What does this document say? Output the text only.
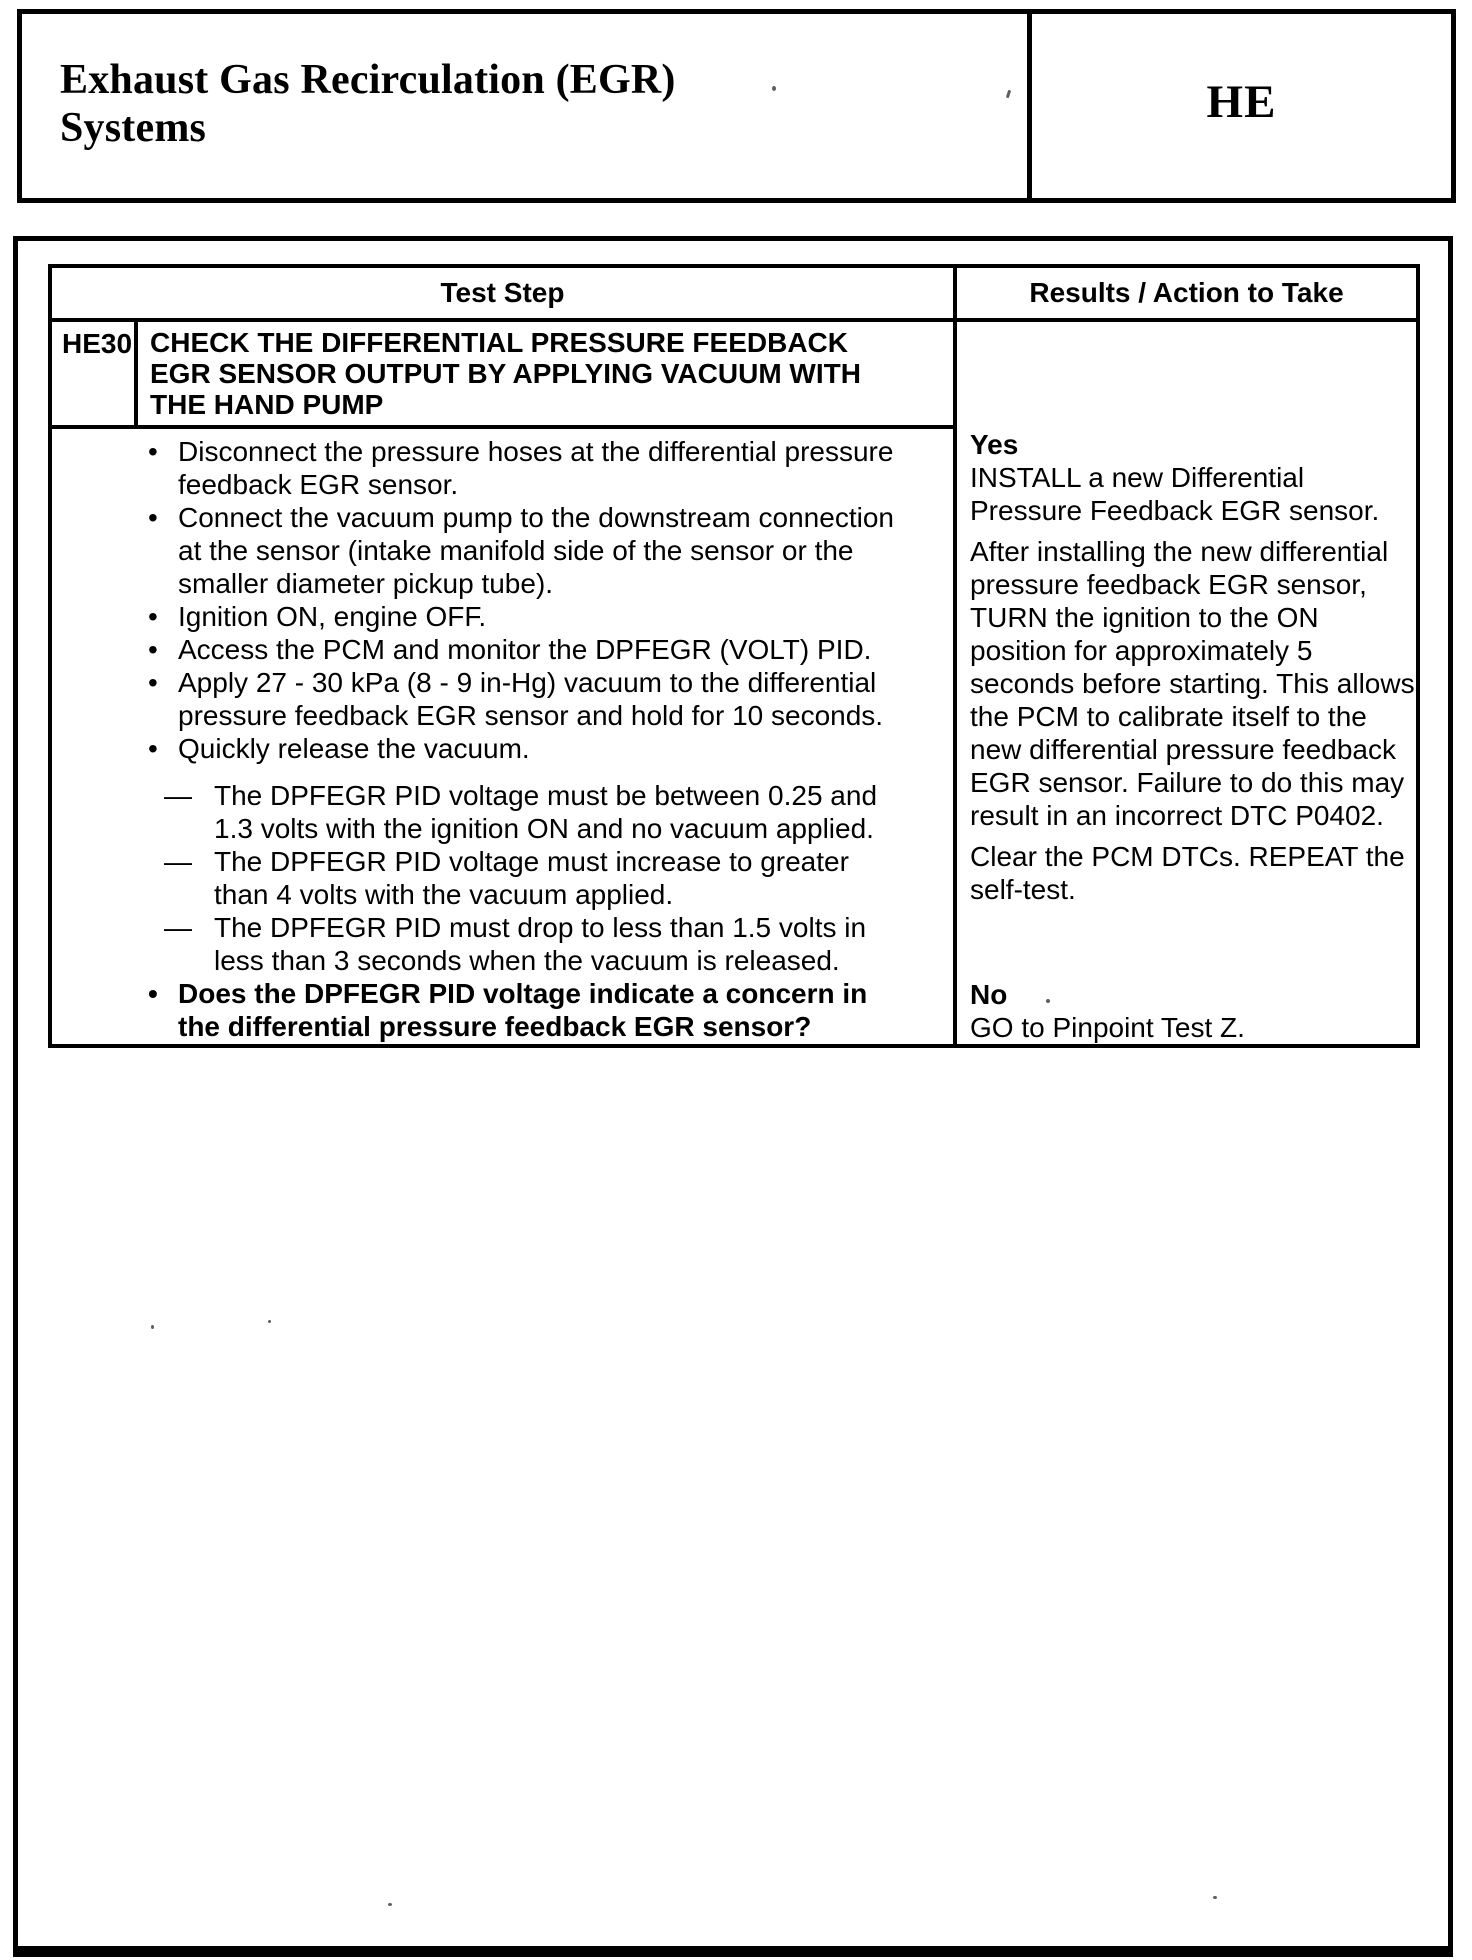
Exhaust Gas Recirculation (EGR) Systems	HE
Test Step	Results / Action to Take
HE30 CHECK THE DIFFERENTIAL PRESSURE FEEDBACK EGR SENSOR OUTPUT BY APPLYING VACUUM WITH THE HAND PUMP
• Disconnect the pressure hoses at the differential pressure feedback EGR sensor.
• Connect the vacuum pump to the downstream connection at the sensor (intake manifold side of the sensor or the smaller diameter pickup tube).
• Ignition ON, engine OFF.
• Access the PCM and monitor the DPFEGR (VOLT) PID.
• Apply 27 - 30 kPa (8 - 9 in-Hg) vacuum to the differential pressure feedback EGR sensor and hold for 10 seconds.
• Quickly release the vacuum.
— The DPFEGR PID voltage must be between 0.25 and 1.3 volts with the ignition ON and no vacuum applied.
— The DPFEGR PID voltage must increase to greater than 4 volts with the vacuum applied.
— The DPFEGR PID must drop to less than 1.5 volts in less than 3 seconds when the vacuum is released.
• Does the DPFEGR PID voltage indicate a concern in the differential pressure feedback EGR sensor?
Yes
INSTALL a new Differential Pressure Feedback EGR sensor.
After installing the new differential pressure feedback EGR sensor, TURN the ignition to the ON position for approximately 5 seconds before starting. This allows the PCM to calibrate itself to the new differential pressure feedback EGR sensor. Failure to do this may result in an incorrect DTC P0402.
Clear the PCM DTCs. REPEAT the self-test.
No
GO to Pinpoint Test Z.
